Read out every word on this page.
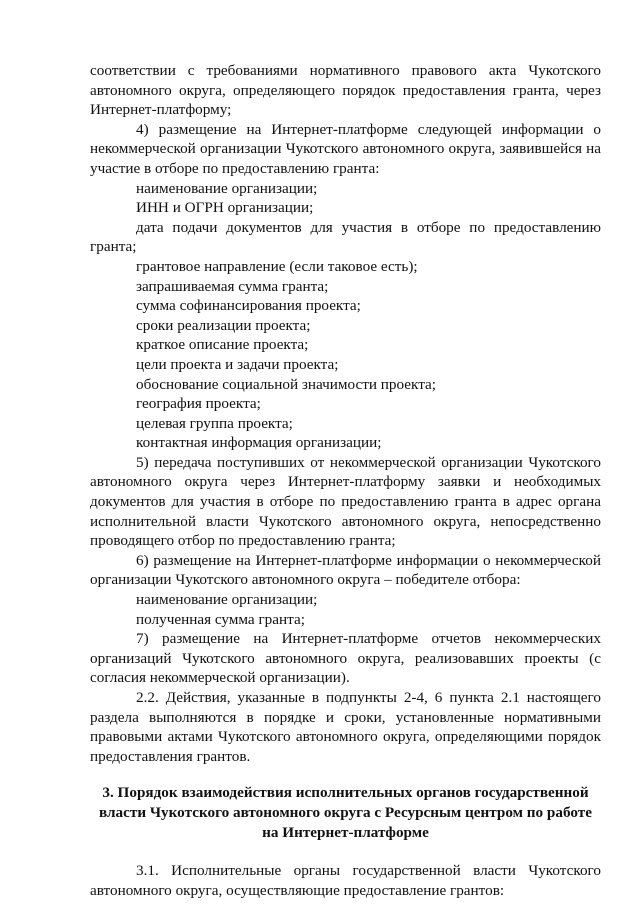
соответствии с требованиями нормативного правового акта Чукотского автономного округа, определяющего порядок предоставления гранта, через Интернет-платформу;

4) размещение на Интернет-платформе следующей информации о некоммерческой организации Чукотского автономного округа, заявившейся на участие в отборе по предоставлению гранта:

наименование организации;
ИНН и ОГРН организации;

дата подачи документов для участия в отборе по предоставлению гранта;

грантовое направление (если таковое есть);
запрашиваемая сумма гранта;
сумма софинансирования проекта;
сроки реализации проекта;
краткое описание проекта;
цели проекта и задачи проекта;
обоснование социальной значимости проекта;
география проекта;
целевая группа проекта;
контактная информация организации;

5) передача поступивших от некоммерческой организации Чукотского автономного округа через Интернет-платформу заявки и необходимых документов для участия в отборе по предоставлению гранта в адрес органа исполнительной власти Чукотского автономного округа, непосредственно проводящего отбор по предоставлению гранта;

6) размещение на Интернет-платформе информации о некоммерческой организации Чукотского автономного округа – победителе отбора:

наименование организации;
полученная сумма гранта;

7) размещение на Интернет-платформе отчетов некоммерческих организаций Чукотского автономного округа, реализовавших проекты (с согласия некоммерческой организации).

2.2. Действия, указанные в подпункты 2-4, 6 пункта 2.1 настоящего раздела выполняются в порядке и сроки, установленные нормативными правовыми актами Чукотского автономного округа, определяющими порядок предоставления грантов.

3. Порядок взаимодействия исполнительных органов государственной власти Чукотского автономного округа с Ресурсным центром по работе на Интернет-платформе

3.1. Исполнительные органы государственной власти Чукотского автономного округа, осуществляющие предоставление грантов:
